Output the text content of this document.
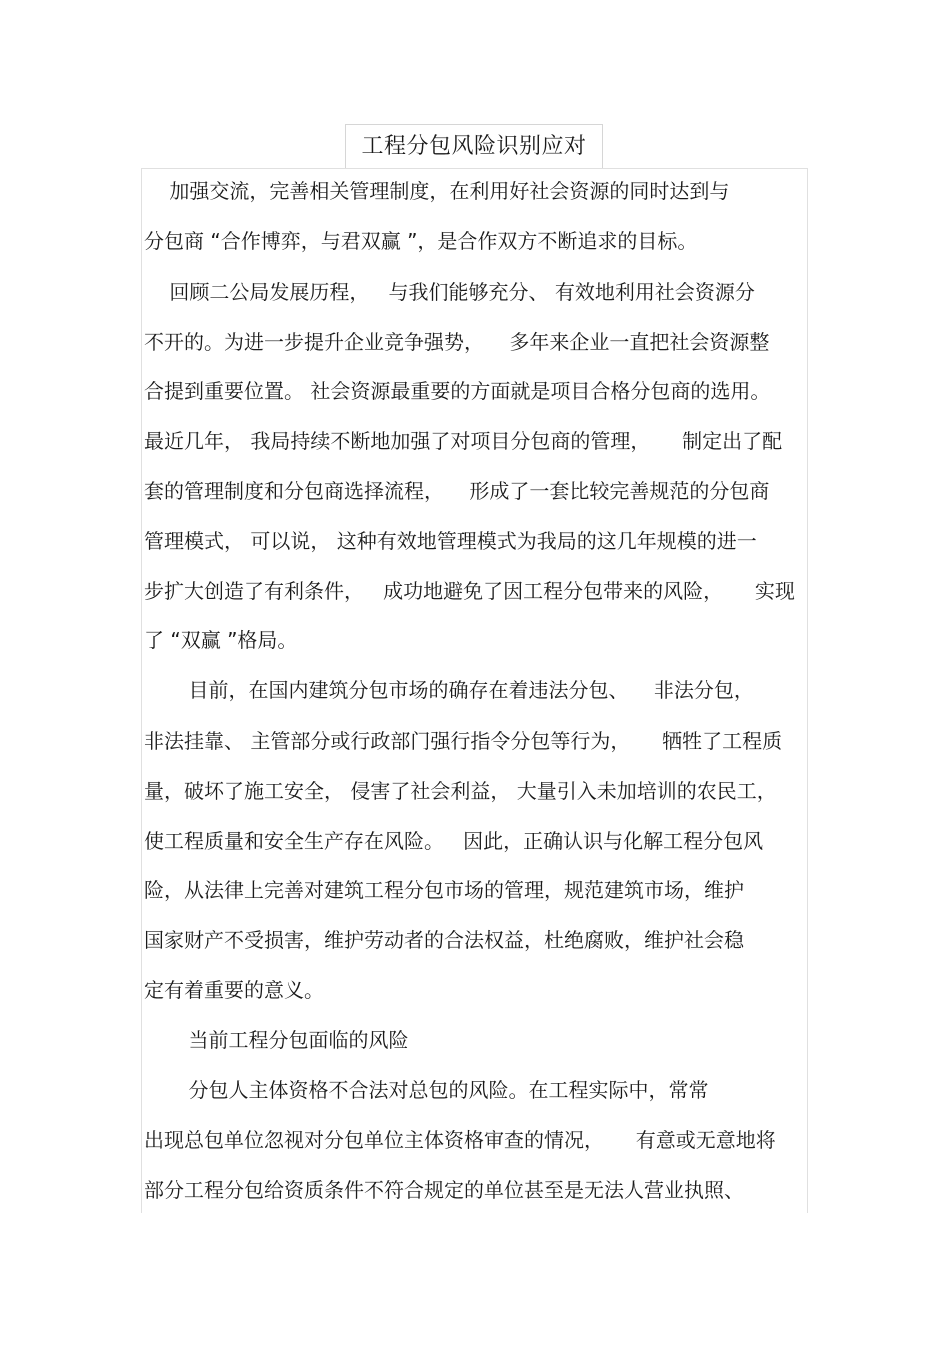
工程分包风险识别应对
加强交流，完善相关管理制度，在利用好社会资源的同时达到与
分包商 “合作博弈，与君双赢 ”，是合作双方不断追求的目标。
回顾二公局发展历程，   与我们能够充分、 有效地利用社会资源分
不开的。为进一步提升企业竞争强势，    多年来企业一直把社会资源整
合提到重要位置。 社会资源最重要的方面就是项目合格分包商的选用。
最近几年， 我局持续不断地加强了对项目分包商的管理，     制定出了配
套的管理制度和分包商选择流程，    形成了一套比较完善规范的分包商
管理模式， 可以说， 这种有效地管理模式为我局的这几年规模的进一
步扩大创造了有利条件，   成功地避免了因工程分包带来的风险，     实现
了 “双赢 ”格局。
目前，在国内建筑分包市场的确存在着违法分包、    非法分包，
非法挂靠、 主管部分或行政部门强行指令分包等行为，     牺牲了工程质
量，破坏了施工安全， 侵害了社会利益， 大量引入未加培训的农民工，
使工程质量和安全生产存在风险。   因此，正确认识与化解工程分包风
险，从法律上完善对建筑工程分包市场的管理，规范建筑市场，维护
国家财产不受损害，维护劳动者的合法权益，杜绝腐败，维护社会稳
定有着重要的意义。
当前工程分包面临的风险
分包人主体资格不合法对总包的风险。在工程实际中，常常
出现总包单位忽视对分包单位主体资格审查的情况，     有意或无意地将
部分工程分包给资质条件不符合规定的单位甚至是无法人营业执照、
